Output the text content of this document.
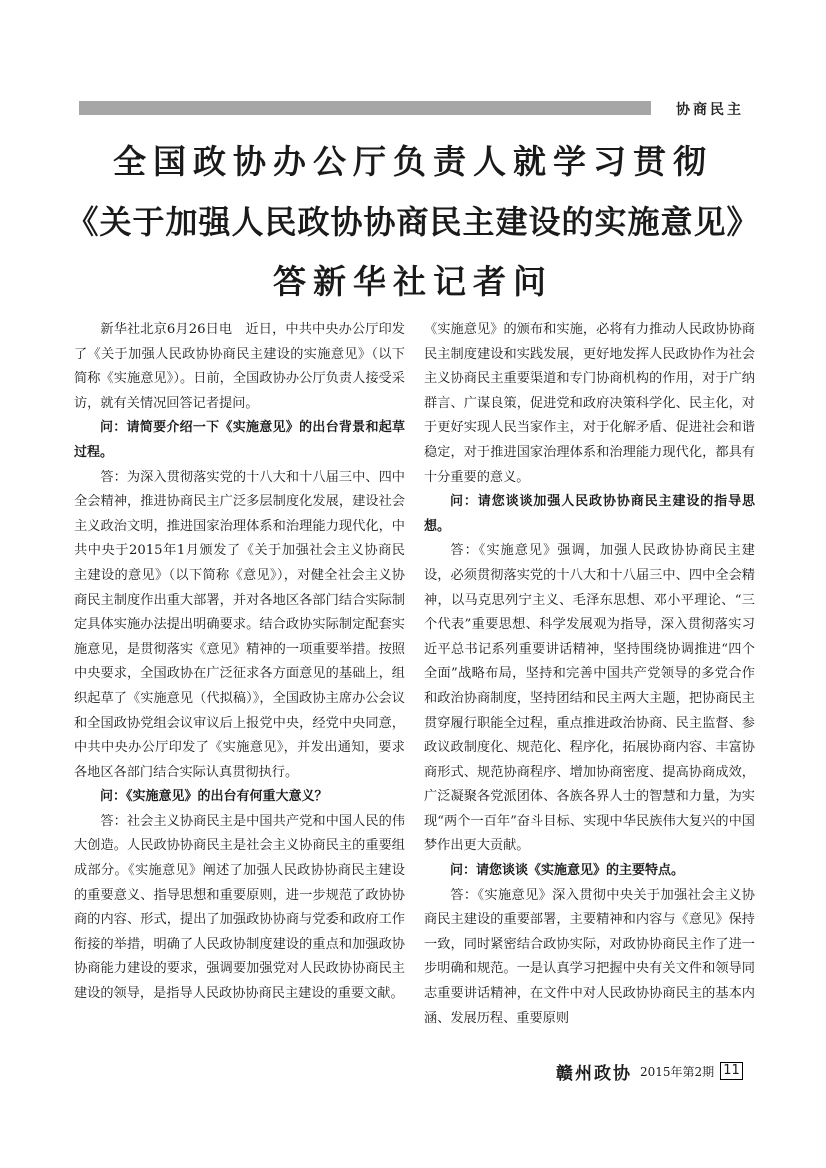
协商民主
全国政协办公厅负责人就学习贯彻
《关于加强人民政协协商民主建设的实施意见》
答新华社记者问

新华社北京6月26日电　近日，中共中央办公厅印发了《关于加强人民政协协商民主建设的实施意见》（以下简称《实施意见》）。日前，全国政协办公厅负责人接受采访，就有关情况回答记者提问。

问：请简要介绍一下《实施意见》的出台背景和起草过程。

答：为深入贯彻落实党的十八大和十八届三中、四中全会精神，推进协商民主广泛多层制度化发展，建设社会主义政治文明，推进国家治理体系和治理能力现代化，中共中央于2015年1月颁发了《关于加强社会主义协商民主建设的意见》（以下简称《意见》），对健全社会主义协商民主制度作出重大部署，并对各地区各部门结合实际制定具体实施办法提出明确要求。结合政协实际制定配套实施意见，是贯彻落实《意见》精神的一项重要举措。按照中央要求，全国政协在广泛征求各方面意见的基础上，组织起草了《实施意见（代拟稿）》，全国政协主席办公会议和全国政协党组会议审议后上报党中央，经党中央同意，中共中央办公厅印发了《实施意见》，并发出通知，要求各地区各部门结合实际认真贯彻执行。

问：《实施意见》的出台有何重大意义？

答：社会主义协商民主是中国共产党和中国人民的伟大创造。人民政协协商民主是社会主义协商民主的重要组成部分。《实施意见》阐述了加强人民政协协商民主建设的重要意义、指导思想和重要原则，进一步规范了政协协商的内容、形式，提出了加强政协协商与党委和政府工作衔接的举措，明确了人民政协制度建设的重点和加强政协协商能力建设的要求，强调要加强党对人民政协协商民主建设的领导，是指导人民政协协商民主建设的重要文献。

《实施意见》的颁布和实施，必将有力推动人民政协协商民主制度建设和实践发展，更好地发挥人民政协作为社会主义协商民主重要渠道和专门协商机构的作用，对于广纳群言、广谋良策，促进党和政府决策科学化、民主化，对于更好实现人民当家作主，对于化解矛盾、促进社会和谐稳定，对于推进国家治理体系和治理能力现代化，都具有十分重要的意义。

问：请您谈谈加强人民政协协商民主建设的指导思想。

答：《实施意见》强调，加强人民政协协商民主建设，必须贯彻落实党的十八大和十八届三中、四中全会精神，以马克思列宁主义、毛泽东思想、邓小平理论、“三个代表”重要思想、科学发展观为指导，深入贯彻落实习近平总书记系列重要讲话精神，坚持围绕协调推进“四个全面”战略布局，坚持和完善中国共产党领导的多党合作和政治协商制度，坚持团结和民主两大主题，把协商民主贯穿履行职能全过程，重点推进政治协商、民主监督、参政议政制度化、规范化、程序化，拓展协商内容、丰富协商形式、规范协商程序、增加协商密度、提高协商成效，广泛凝聚各党派团体、各族各界人士的智慧和力量，为实现“两个一百年”奋斗目标、实现中华民族伟大复兴的中国梦作出更大贡献。

问：请您谈谈《实施意见》的主要特点。

答：《实施意见》深入贯彻中央关于加强社会主义协商民主建设的重要部署，主要精神和内容与《意见》保持一致，同时紧密结合政协实际，对政协协商民主作了进一步明确和规范。一是认真学习把握中央有关文件和领导同志重要讲话精神，在文件中对人民政协协商民主的基本内涵、发展历程、重要原则

赣州政协 2015年第2期 11
